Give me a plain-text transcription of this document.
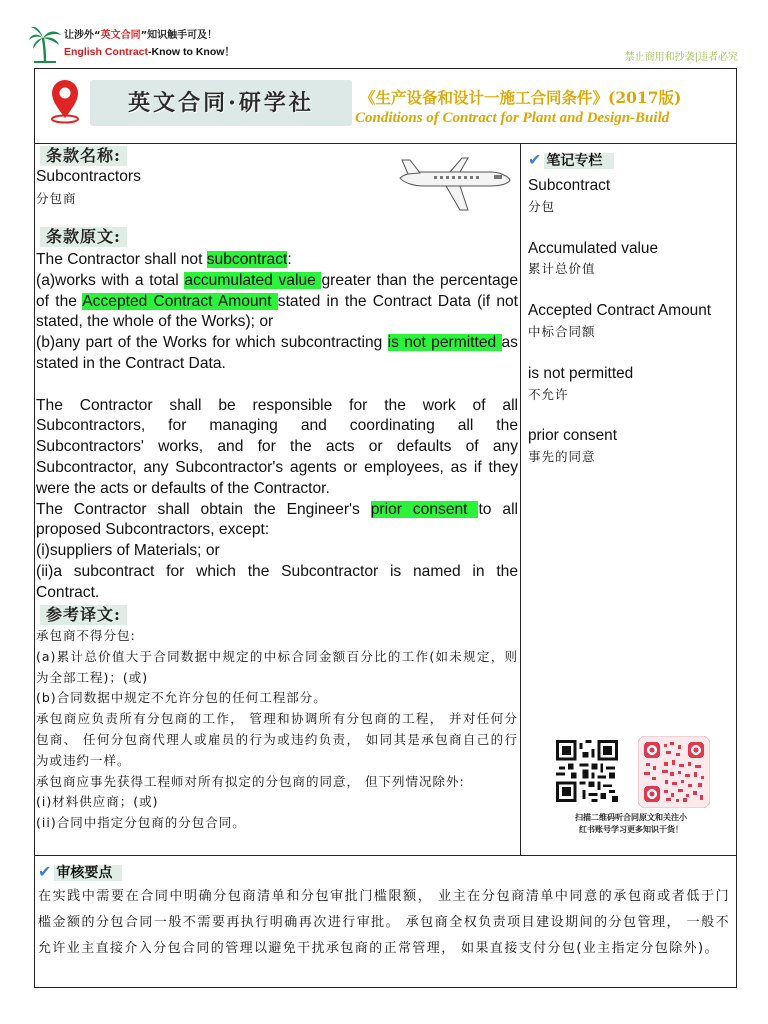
让涉外“英文合同”知识触手可及！
English Contract-Know to Know！	禁止商用和抄袭|违者必究
英文合同·研学社	《生产设备和设计一施工合同条件》(2017版)
Conditions of Contract for Plant and Design-Build
条款名称:
Subcontractors
分包商
条款原文:
The Contractor shall not subcontract:
(a)works with a total accumulated value greater than the percentage of the Accepted Contract Amount stated in the Contract Data (if not stated, the whole of the Works); or
(b)any part of the Works for which subcontracting is not permitted as stated in the Contract Data.
The Contractor shall be responsible for the work of all Subcontractors, for managing and coordinating all the Subcontractors' works, and for the acts or defaults of any Subcontractor, any Subcontractor's agents or employees, as if they were the acts or defaults of the Contractor.
The Contractor shall obtain the Engineer's prior consent to all proposed Subcontractors, except:
(i)suppliers of Materials; or
(ii)a subcontract for which the Subcontractor is named in the Contract.
参考译文:
承包商不得分包:
(a)累计总价值大于合同数据中规定的中标合同金额百分比的工作(如未规定，则为全部工程)；(或)
(b)合同数据中规定不允许分包的任何工程部分。
承包商应负责所有分包商的工作， 管理和协调所有分包商的工程， 并对任何分包商、 任何分包商代理人或雇员的行为或违约负责， 如同其是承包商自己的行为或违约一样。
承包商应事先获得工程师对所有拟定的分包商的同意， 但下列情况除外:
(i)材料供应商；(或)
(ii)合同中指定分包商的分包合同。
✔ 笔记专栏
Subcontract
分包
Accumulated value
累计总价值
Accepted Contract Amount
中标合同额
is not permitted
不允许
prior consent
事先的同意
扫描二维码听合同原文和关注小
红书账号学习更多知识干货！
✔ 审核要点
在实践中需要在合同中明确分包商清单和分包审批门槛限额， 业主在分包商清单中同意的承包商或者低于门槛金额的分包合同一般不需要再执行明确再次进行审批。 承包商全权负责项目建设期间的分包管理， 一般不允许业主直接介入分包合同的管理以避免干扰承包商的正常管理， 如果直接支付分包(业主指定分包除外)。
